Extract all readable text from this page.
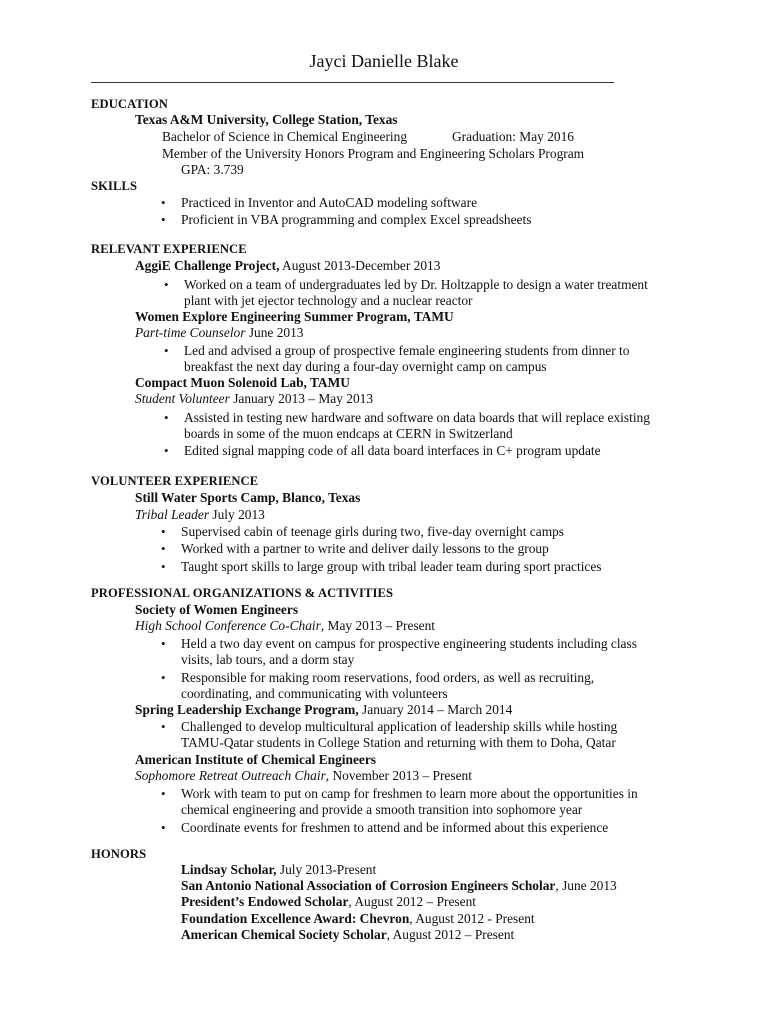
Jayci Danielle Blake
EDUCATION
Texas A&M University, College Station, Texas
Bachelor of Science in Chemical Engineering	Graduation: May 2016
Member of the University Honors Program and Engineering Scholars Program
GPA: 3.739
SKILLS
• Practiced in Inventor and AutoCAD modeling software
• Proficient in VBA programming and complex Excel spreadsheets
RELEVANT EXPERIENCE
AggiE Challenge Project, August 2013-December 2013
• Worked on a team of undergraduates led by Dr. Holtzapple to design a water treatment
plant with jet ejector technology and a nuclear reactor
Women Explore Engineering Summer Program, TAMU
Part-time Counselor June 2013
• Led and advised a group of prospective female engineering students from dinner to
breakfast the next day during a four-day overnight camp on campus
Compact Muon Solenoid Lab, TAMU
Student Volunteer January 2013 – May 2013
• Assisted in testing new hardware and software on data boards that will replace existing
boards in some of the muon endcaps at CERN in Switzerland
• Edited signal mapping code of all data board interfaces in C+ program update
VOLUNTEER EXPERIENCE
Still Water Sports Camp, Blanco, Texas
Tribal Leader July 2013
• Supervised cabin of teenage girls during two, five-day overnight camps
• Worked with a partner to write and deliver daily lessons to the group
• Taught sport skills to large group with tribal leader team during sport practices
PROFESSIONAL ORGANIZATIONS & ACTIVITIES
Society of Women Engineers
High School Conference Co-Chair, May 2013 – Present
• Held a two day event on campus for prospective engineering students including class
visits, lab tours, and a dorm stay
• Responsible for making room reservations, food orders, as well as recruiting,
coordinating, and communicating with volunteers
Spring Leadership Exchange Program, January 2014 – March 2014
• Challenged to develop multicultural application of leadership skills while hosting
TAMU-Qatar students in College Station and returning with them to Doha, Qatar
American Institute of Chemical Engineers
Sophomore Retreat Outreach Chair, November 2013 – Present
• Work with team to put on camp for freshmen to learn more about the opportunities in
chemical engineering and provide a smooth transition into sophomore year
• Coordinate events for freshmen to attend and be informed about this experience
HONORS
Lindsay Scholar, July 2013-Present
San Antonio National Association of Corrosion Engineers Scholar, June 2013
President’s Endowed Scholar, August 2012 – Present
Foundation Excellence Award: Chevron, August 2012 - Present
American Chemical Society Scholar, August 2012 – Present
